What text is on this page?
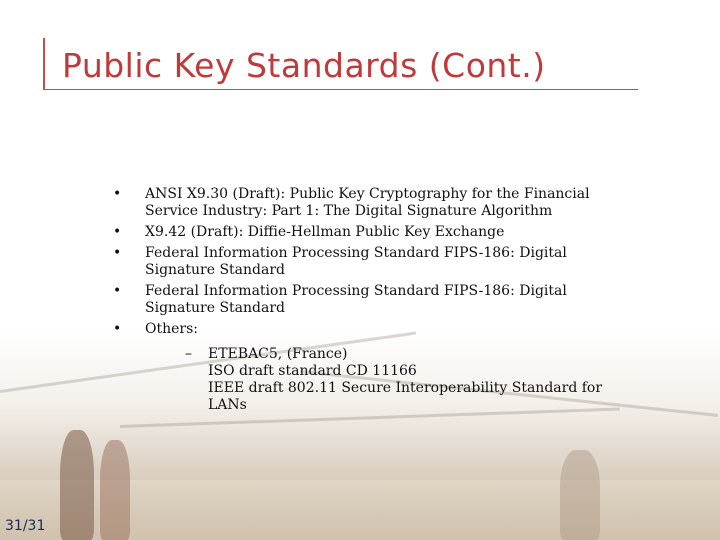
Public Key Standards (Cont.)
• ANSI X9.30 (Draft): Public Key Cryptography for the Financial Service Industry: Part 1: The Digital Signature Algorithm
• X9.42 (Draft): Diffie-Hellman Public Key Exchange
• Federal Information Processing Standard FIPS-186: Digital Signature Standard
• Federal Information Processing Standard FIPS-186: Digital Signature Standard
• Others:
– ETEBAC5, (France)
ISO draft standard CD 11166
IEEE draft 802.11 Secure Interoperability Standard for LANs
31/31
